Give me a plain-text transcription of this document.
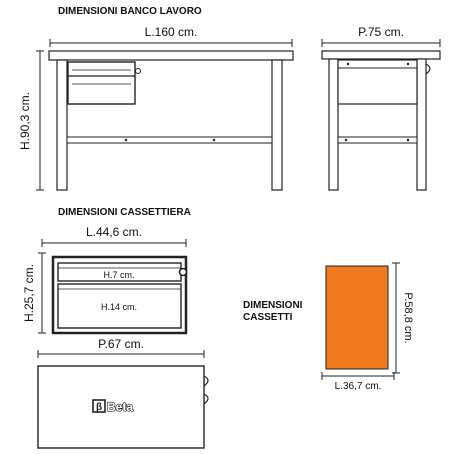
DIMENSIONI BANCO LAVORO
DIMENSIONI CASSETTIERA
DIMENSIONI
CASSETTI
L.160 cm.
H.90,3 cm.
P.75 cm.
L.44,6 cm.
H.25,7 cm.	H.7 cm.
H.14 cm.
P.67 cm.
β Beta
P.58,8 cm.
L.36,7 cm.
